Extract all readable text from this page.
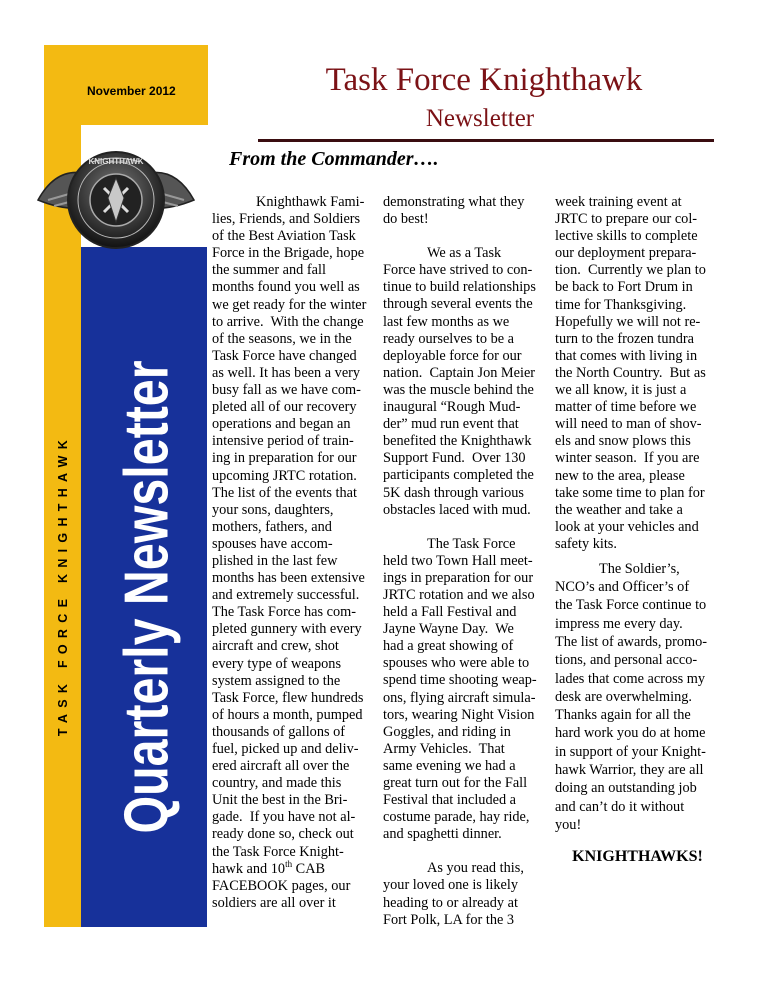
November 2012
TASK FORCE KNIGHTHAWK Quarterly Newsletter
KNIGHTHAWK
Task Force Knighthawk
Newsletter
From the Commander….

Knighthawk Fami-

lies, Friends, and Soldiers

of the Best Aviation Task

Force in the Brigade, hope

the summer and fall

months found you well as

we get ready for the winter

to arrive.  With the change

of the seasons, we in the

Task Force have changed

as well. It has been a very

busy fall as we have com-

pleted all of our recovery

operations and began an

intensive period of train-

ing in preparation for our

upcoming JRTC rotation.

The list of the events that

your sons, daughters,

mothers, fathers, and

spouses have accom-

plished in the last few

months has been extensive

and extremely successful.

The Task Force has com-

pleted gunnery with every

aircraft and crew, shot

every type of weapons

system assigned to the

Task Force, flew hundreds

of hours a month, pumped

thousands of gallons of

fuel, picked up and deliv-

ered aircraft all over the

country, and made this

Unit the best in the Bri-

gade.  If you have not al-

ready done so, check out

the Task Force Knight-

hawk and 10th CAB

FACEBOOK pages, our

soldiers are all over it

demonstrating what they

do best!

We as a Task

Force have strived to con-

tinue to build relationships

through several events the

last few months as we

ready ourselves to be a

deployable force for our

nation.  Captain Jon Meier

was the muscle behind the

inaugural “Rough Mud-

der” mud run event that

benefited the Knighthawk

Support Fund.  Over 130

participants completed the

5K dash through various

obstacles laced with mud.

The Task Force

held two Town Hall meet-

ings in preparation for our

JRTC rotation and we also

held a Fall Festival and

Jayne Wayne Day.  We

had a great showing of

spouses who were able to

spend time shooting weap-

ons, flying aircraft simula-

tors, wearing Night Vision

Goggles, and riding in

Army Vehicles.  That

same evening we had a

great turn out for the Fall

Festival that included a

costume parade, hay ride,

and spaghetti dinner.

As you read this,

your loved one is likely

heading to or already at

Fort Polk, LA for the 3

week training event at

JRTC to prepare our col-

lective skills to complete

our deployment prepara-

tion.  Currently we plan to

be back to Fort Drum in

time for Thanksgiving.

Hopefully we will not re-

turn to the frozen tundra

that comes with living in

the North Country.  But as

we all know, it is just a

matter of time before we

will need to man of shov-

els and snow plows this

winter season.  If you are

new to the area, please

take some time to plan for

the weather and take a

look at your vehicles and

safety kits.

The Soldier’s,

NCO’s and Officer’s of

the Task Force continue to

impress me every day.

The list of awards, promo-

tions, and personal acco-

lades that come across my

desk are overwhelming.

Thanks again for all the

hard work you do at home

in support of your Knight-

hawk Warrior, they are all

doing an outstanding job

and can’t do it without

you!

KNIGHTHAWKS!
